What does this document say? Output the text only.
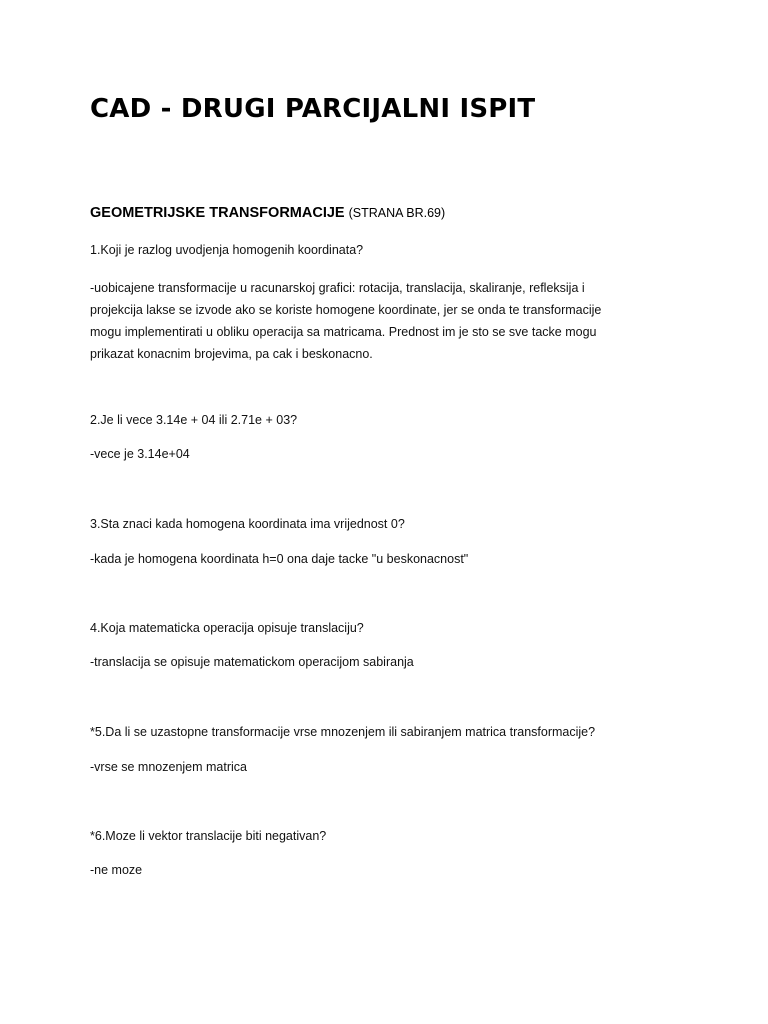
CAD - DRUGI PARCIJALNI ISPIT

GEOMETRIJSKE TRANSFORMACIJE (STRANA BR.69)

1.Koji je razlog uvodjenja homogenih koordinata?

-uobicajene transformacije u racunarskoj grafici: rotacija, translacija, skaliranje, refleksija i
projekcija lakse se izvode ako se koriste homogene koordinate, jer se onda te transformacije
mogu implementirati u obliku operacija sa matricama. Prednost im je sto se sve tacke mogu
prikazat konacnim brojevima, pa cak i beskonacno.

2.Je li vece 3.14e + 04 ili 2.71e + 03?

-vece je 3.14e+04

3.Sta znaci kada homogena koordinata ima vrijednost 0?

-kada je homogena koordinata h=0 ona daje tacke "u beskonacnost"

4.Koja matematicka operacija opisuje translaciju?

-translacija se opisuje matematickom operacijom sabiranja

*5.Da li se uzastopne transformacije vrse mnozenjem ili sabiranjem matrica transformacije?

-vrse se mnozenjem matrica

*6.Moze li vektor translacije biti negativan?

-ne moze
